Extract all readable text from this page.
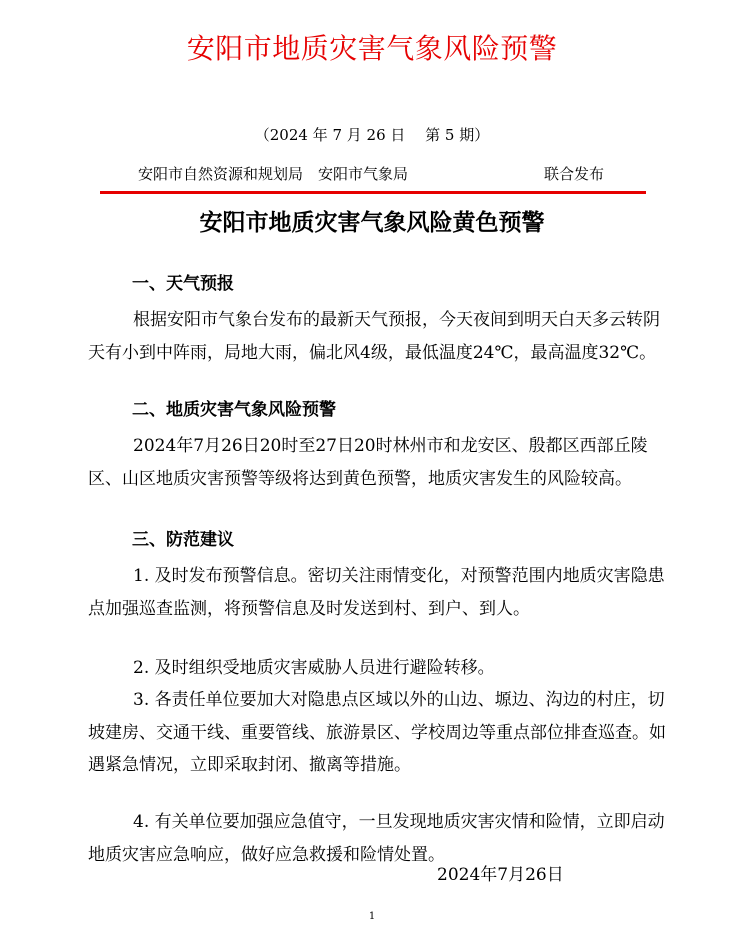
安阳市地质灾害气象风险预警
（2024 年 7 月 26 日　 第 5 期）
安阳市自然资源和规划局　安阳市气象局	联合发布
安阳市地质灾害气象风险黄色预警
一、天气预报

根据安阳市气象台发布的最新天气预报，今天夜间到明天白天多云转阴天有小到中阵雨，局地大雨，偏北风4级，最低温度24℃，最高温度32℃。

二、地质灾害气象风险预警

2024年7月26日20时至27日20时林州市和龙安区、殷都区西部丘陵区、山区地质灾害预警等级将达到黄色预警，地质灾害发生的风险较高。

三、防范建议

1. 及时发布预警信息。密切关注雨情变化，对预警范围内地质灾害隐患点加强巡查监测，将预警信息及时发送到村、到户、到人。

2. 及时组织受地质灾害威胁人员进行避险转移。

3. 各责任单位要加大对隐患点区域以外的山边、塬边、沟边的村庄，切坡建房、交通干线、重要管线、旅游景区、学校周边等重点部位排查巡查。如遇紧急情况，立即采取封闭、撤离等措施。

4. 有关单位要加强应急值守，一旦发现地质灾害灾情和险情，立即启动地质灾害应急响应，做好应急救援和险情处置。

2024年7月26日
1
